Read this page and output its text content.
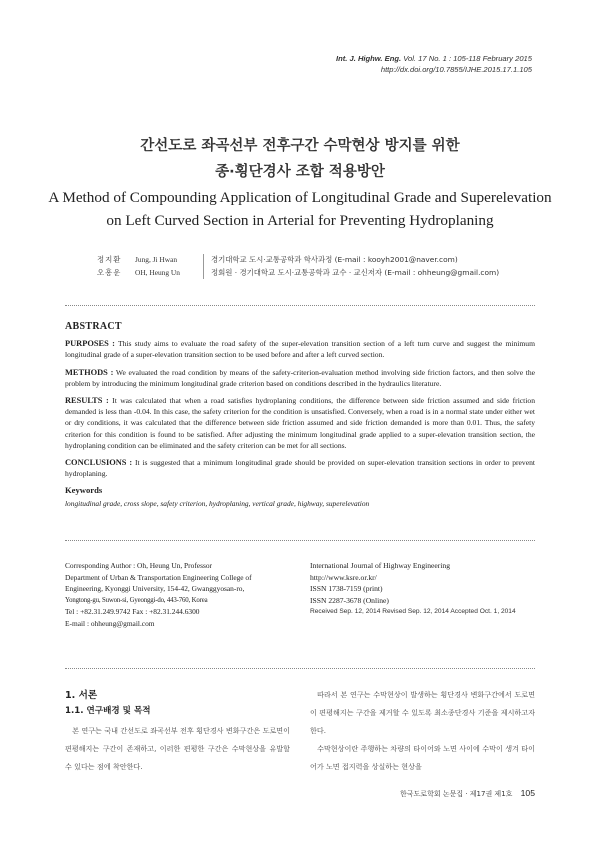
Int. J. Highw. Eng. Vol. 17 No. 1 : 105-118 February 2015
http://dx.doi.org/10.7855/IJHE.2015.17.1.105
간선도로 좌곡선부 전후구간 수막현상 방지를 위한
종·횡단경사 조합 적용방안
A Method of Compounding Application of Longitudinal Grade and Superelevation
on Left Curved Section in Arterial for Preventing Hydroplaning
정지환	Jung, Ji Hwan	경기대학교 도시·교통공학과 학사과정 (E-mail : kooyh2001@naver.com)
오흥운	OH, Heung Un	정회원 · 경기대학교 도시·교통공학과 교수 · 교신저자 (E-mail : ohheung@gmail.com)
ABSTRACT

PURPOSES : This study aims to evaluate the road safety of the super-elevation transition section of a left turn curve and suggest the minimum longitudinal grade of a super-elevation transition section to be used before and after a left curved section.

METHODS : We evaluated the road condition by means of the safety-criterion-evaluation method involving side friction factors, and then solve the problem by introducing the minimum longitudinal grade criterion based on conditions described in the hydraulics literature.

RESULTS : It was calculated that when a road satisfies hydroplaning conditions, the difference between side friction assumed and side friction demanded is less than -0.04. In this case, the safety criterion for the condition is unsatisfied. Conversely, when a road is in a normal state under either wet or dry conditions, it was calculated that the difference between side friction assumed and side friction demanded is more than 0.01. Thus, the safety criterion for this condition is found to be satisfied. After adjusting the minimum longitudinal grade applied to a super-elevation transition section, the hydroplaning condition can be eliminated and the safety criterion can be met for all sections.

CONCLUSIONS : It is suggested that a minimum longitudinal grade should be provided on super-elevation transition sections in order to prevent hydroplaning.

Keywords
longitudinal grade, cross slope, safety criterion, hydroplaning, vertical grade, highway, superelevation
Corresponding Author : Oh, Heung Un, Professor
Department of Urban & Transportation Engineering College of
Engineering, Kyonggi University, 154-42, Gwanggyosan-ro,
Yongtong-gu, Suwon-si, Gyeonggi-do, 443-760, Korea
Tel : +82.31.249.9742 Fax : +82.31.244.6300
E-mail : ohheung@gmail.com
International Journal of Highway Engineering
http://www.ksre.or.kr/
ISSN 1738-7159 (print)
ISSN 2287-3678 (Online)
Received Sep. 12, 2014 Revised Sep. 12, 2014 Accepted Oct. 1, 2014
1. 서론
1.1. 연구배경 및 목적

본 연구는 국내 간선도로 좌곡선부 전후 횡단경사 변화구간은 도로면이 편평해지는 구간이 존재하고, 이러한 편평한 구간은 수막현상을 유발할 수 있다는 점에 착안한다.

따라서 본 연구는 수막현상이 발생하는 횡단경사 변화구간에서 도로면이 편평해지는 구간을 제거할 수 있도록 최소종단경사 기준을 제시하고자 한다.

수막현상이란 주행하는 차량의 타이어와 노면 사이에 수막이 생겨 타이어가 노면 접지력을 상실하는 현상을

한국도로학회 논문집 · 제17권 제1호 105
